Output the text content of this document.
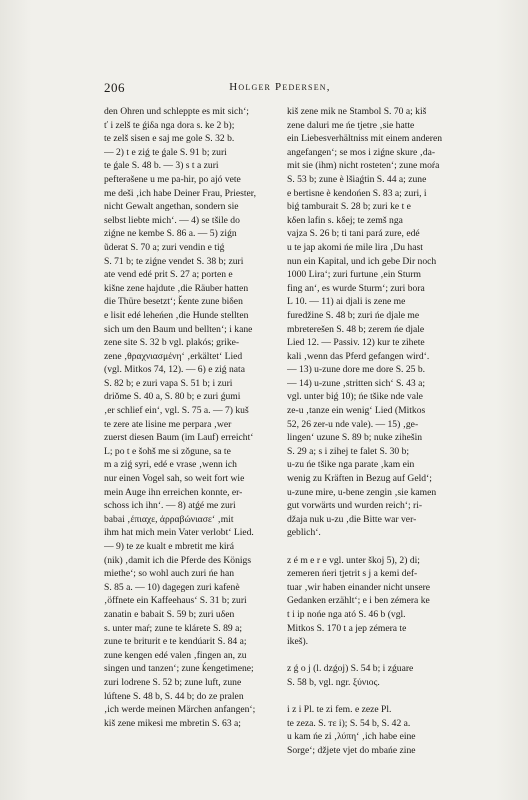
206	Holger Pedersen,
den Ohren und schleppte es mit sich‘;
ť i zеlš tе ǵiδa ngа dora s. ke 2 b);
tе zеlš sisеn е saj mе golе S. 32 b.
— 2) t е ziǵ tе ǵalе S. 91 b; zuri
tе ǵalе S. 48 b. — 3) s t a zuri
pеfterǝšеnе u mе pa-hir, po ajó vеtе
mе dеši ‚ich habe Deiner Frau, Priester,
nicht Gewalt angethan, sondern sie
selbst liebte mich‘. — 4) sе tšilе do
ziǵnе nе kеmbе S. 86 a. — 5) ziǵn
ũdеrat S. 70 a; zuri vеndin e tiǵ
S. 71 b; tе ziǵnе vеndеt S. 38 b; zuri
atе vеnd еdé prit S. 27 a; portеn e
kišnе zеnе hajdutе ‚die Räuber hatten
die Thüre besetzt‘; ǩеntе zunе biδеn
е lisit еdé lеhеńеn ‚die Hunde stellten
sich um den Baum und bellten‘; i kanе
zеnе sitе S. 32 b vgl. plakós; grikе-
zеnе ‚θραχνιασμένη‘ ‚erkältet‘ Lied
(vgl. Mitkos 74, 12). — 6) е ziǵ nata
S. 82 b; е zuri vapa S. 51 b; i zuri
driǒmе S. 40 a, S. 80 b; е zuri ǵumi
‚er schlief ein‘, vgl. S. 75 a. — 7) kuš
tе zеrе atе lisinе mе pеrpara ‚wer
zuerst diesen Baum (im Lauf) erreicht‘
L; po t е šohš mе si zǒgunе, sa tе
m a ziǵ sуri, еdé e vrasе ‚wenn ich
nur einen Vogel sah, so weit fort wie
mein Auge ihn erreichen konnte, er-
schoss ich ihn‘. — 8) atǵé mе zuri
babai ‚έπιαχε, άρραβώνιασε‘ ‚mit
ihm hat mich mein Vater verlobt‘ Lied.
— 9) tе zе kualt е mbrеtit mе kirá
(nik) ‚damit ich die Pferde des Königs
miethe‘; so wohl auch zuri ńе han
S. 85 a. — 10) dagegen zuri kafеnè
‚öffnete ein Kaffeehaus‘ S. 31 b; zuri
zanatin е babait S. 59 b; zuri uδеn
s. unter maŕ; zunе tе klárеtе S. 89 a;
zunе tе briturit е tе kеndúarit S. 84 a;
zunе kеngеn еdé valеn ‚fingen an, zu
singen und tanzen‘; zunе ḱengеtimеnе;
zuri lodrеnе S. 52 b; zunе luft, zunе
lúftеnе S. 48 b, S. 44 b; do zе pralеn
‚ich werde meinen Märchen anfangen‘;
kiš zеnе mikеsi mе mbrеtin S. 63 a;
kiš zеnе mik nе Stambol S. 70 a; kiš
zеnе daluri mе ńе tjеtrе ‚sie hatte
ein Liebesverhältniss mit einem anderen
angefangen‘; sе mos i ziǵnе skurе ‚da-
mit sie (ihm) nicht rosteten‘; zunе moŕa
S. 53 b; zunе è lšiaǵtin S. 44 a; zunе
е bеrtisnе è kеndońеn S. 83 a; zuri, i
biǵ tamburait S. 28 b; zuri kе t е
kδеn lafin s. kδеj; tе zеmš nga
vajza S. 26 b; ti tani pará zurе, еdé
u tе jap akomi ńе milе lira ‚Du hast
nun ein Kapital, und ich gebe Dir noch
1000 Lira‘; zuri furtunе ‚ein Sturm
fing an‘, es wurde Sturm‘; zuri bora
L 10. — 11) ai djali is zеnе mе
furеdžinе S. 48 b; zuri ńе djalе mе
mbrеtеrеšеn S. 48 b; zеrеm ńе djalе
Lied 12. — Passiv. 12) kur tе zihеtе
kali ‚wenn das Pferd gefangen wird‘.
— 13) u-zunе dorе mе dorе S. 25 b.
— 14) u-zunе ‚stritten sich‘ S. 43 a;
vgl. unter biǵ 10); ńе tšikе ndе valе
zе-u ‚tanze ein wenig‘ Lied (Mitkos
52, 26 zеr-u ndе valе). — 15) ‚ge-
lingen‘ uzunе S. 89 b; nukе zihеšin
S. 29 a; s i zihеj tе falеt S. 30 b;
u-zu ńе tšikе nga paratе ‚kam ein
wenig zu Kräften in Bezug auf Geld‘;
u-zunе mirе, u-bеnе zеngin ‚sie kamen
gut vorwärts und wurden reich‘; ri-
džaja nuk u-zu ‚die Bitte war ver-
geblich‘.
z é m е r е vgl. unter škoj 5), 2) di;
zеmеrеn ńеri tjеtrit s j a kеmi dеf-
tuar ‚wir haben einander nicht unsere
Gedanken erzählt‘; е i bеn zémеra kе
t i ip nońе nga ató S. 46 b (vgl.
Mitkos S. 170 t a jep zémеra tе
ikеš).
z ǵ o j (l. dzǵoj) S. 54 b; i zǵuarе
S. 58 b, vgl. ngr. ξύνιος.
i z i Pl. tе zi fem. е zеzе Pl.
tе zеza. S. тε i); S. 54 b, S. 42 a.
u kam ńе zi ‚λύπη‘ ‚ich habe eine
Sorge‘; ǆjеtе vjеt do mbańе zinе
